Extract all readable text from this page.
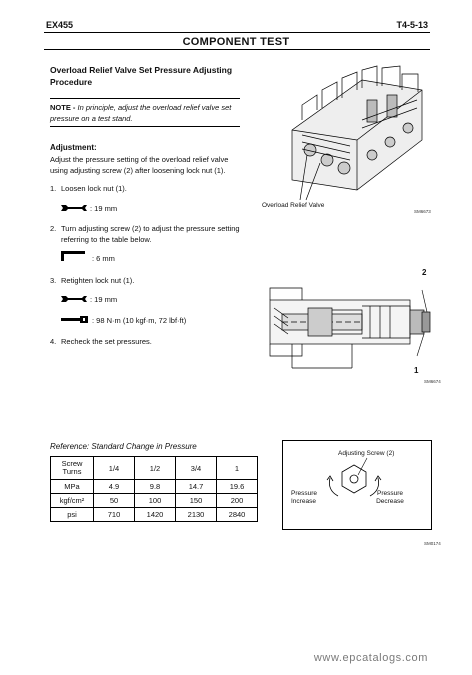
EX455	T4-5-13
COMPONENT TEST
Overload Relief Valve Set Pressure Adjusting Procedure
NOTE - In principle, adjust the overload relief valve set pressure on a test stand.
Adjustment:
Adjust the pressure setting of the overload relief valve using adjusting screw (2) after loosening lock nut (1).
1. Loosen lock nut (1).
: 19 mm
2. Turn adjusting screw (2) to adjust the pressure setting referring to the table below.
: 6 mm
3. Retighten lock nut (1).
: 19 mm
: 98 N·m (10 kgf·m, 72 lbf·ft)
4. Recheck the set pressures.
Overload Relief Valve
SM6673
2
1
SM6674
Reference: Standard Change in Pressure
Screw Turns	1/4	1/2	3/4	1
MPa	4.9	9.8	14.7	19.6
kgf/cm²	50	100	150	200
psi	710	1420	2130	2840
Adjusting Screw (2)
Pressure Increase
Pressure Decrease
SM0174
www.epcatalogs.com
